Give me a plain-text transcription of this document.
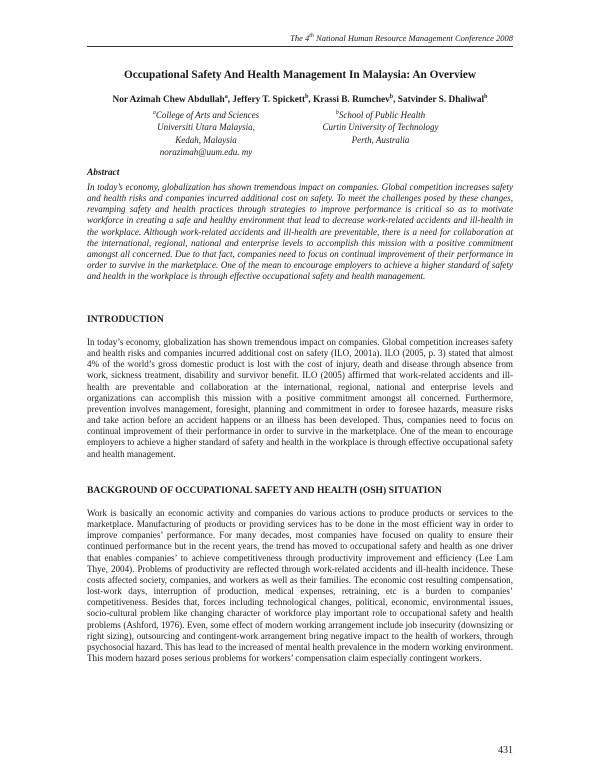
The 4th National Human Resource Management Conference 2008
Occupational Safety And Health Management In Malaysia: An Overview
Nor Azimah Chew Abdullah$^a$, Jeffery T. Spickett$^b$, Krassi B. Rumchev$^b$, Satvinder S. Dhaliwal$^b$
$^a$College of Arts and Sciences
Universiti Utara Malaysia,
Kedah, Malaysia
norazimah@uum.edu. my
$^b$School of Public Health
Curtin University of Technology
Perth, Australia
Abstract

In today’s economy, globalization has shown tremendous impact on companies. Global competition increases safety and health risks and companies incurred additional cost on safety. To meet the challenges posed by these changes, revamping safety and health practices through strategies to improve performance is critical so as to motivate workforce in creating a safe and healthy environment that lead to decrease work-related accidents and ill-health in the workplace. Although work-related accidents and ill-health are preventable, there is a need for collaboration at the international, regional, national and enterprise levels to accomplish this mission with a positive commitment amongst all concerned. Due to that fact, companies need to focus on continual improvement of their performance in order to survive in the marketplace. One of the mean to encourage employers to achieve a higher standard of safety and health in the workplace is through effective occupational safety and health management.

INTRODUCTION

In today’s economy, globalization has shown tremendous impact on companies. Global competition increases safety and health risks and companies incurred additional cost on safety (ILO, 2001a). ILO (2005, p. 3) stated that almost 4% of the world’s gross domestic product is lost with the cost of injury, death and disease through absence from work, sickness treatment, disability and survivor benefit. ILO (2005) affirmed that work-related accidents and ill-health are preventable and collaboration at the international, regional, national and enterprise levels and organizations can accomplish this mission with a positive commitment amongst all concerned. Furthermore, prevention involves management, foresight, planning and commitment in order to foresee hazards, measure risks and take action before an accident happens or an illness has been developed. Thus, companies need to focus on continual improvement of their performance in order to survive in the marketplace. One of the mean to encourage employers to achieve a higher standard of safety and health in the workplace is through effective occupational safety and health management.

BACKGROUND OF OCCUPATIONAL SAFETY AND HEALTH (OSH) SITUATION

Work is basically an economic activity and companies do various actions to produce products or services to the marketplace. Manufacturing of products or providing services has to be done in the most efficient way in order to improve companies’ performance. For many decades, most companies have focused on quality to ensure their continued performance but in the recent years, the trend has moved to occupational safety and health as one driver that enables companies’ to achieve competitiveness through productivity improvement and efficiency (Lee Lam Thye, 2004). Problems of productivity are reflected through work-related accidents and ill-health incidence. These costs affected society, companies, and workers as well as their families. The economic cost resulting compensation, lost-work days, interruption of production, medical expenses, retraining, etc is a burden to companies’ competitiveness. Besides that, forces including technological changes, political, economic, environmental issues, socio-cultural problem like changing character of workforce play important role to occupational safety and health problems (Ashford, 1976). Even, some effect of modern working arrangement include job insecurity (downsizing or right sizing), outsourcing and contingent-work arrangement bring negative impact to the health of workers, through psychosocial hazard. This has lead to the increased of mental health prevalence in the modern working environment. This modern hazard poses serious problems for workers’ compensation claim especially contingent workers.

431
